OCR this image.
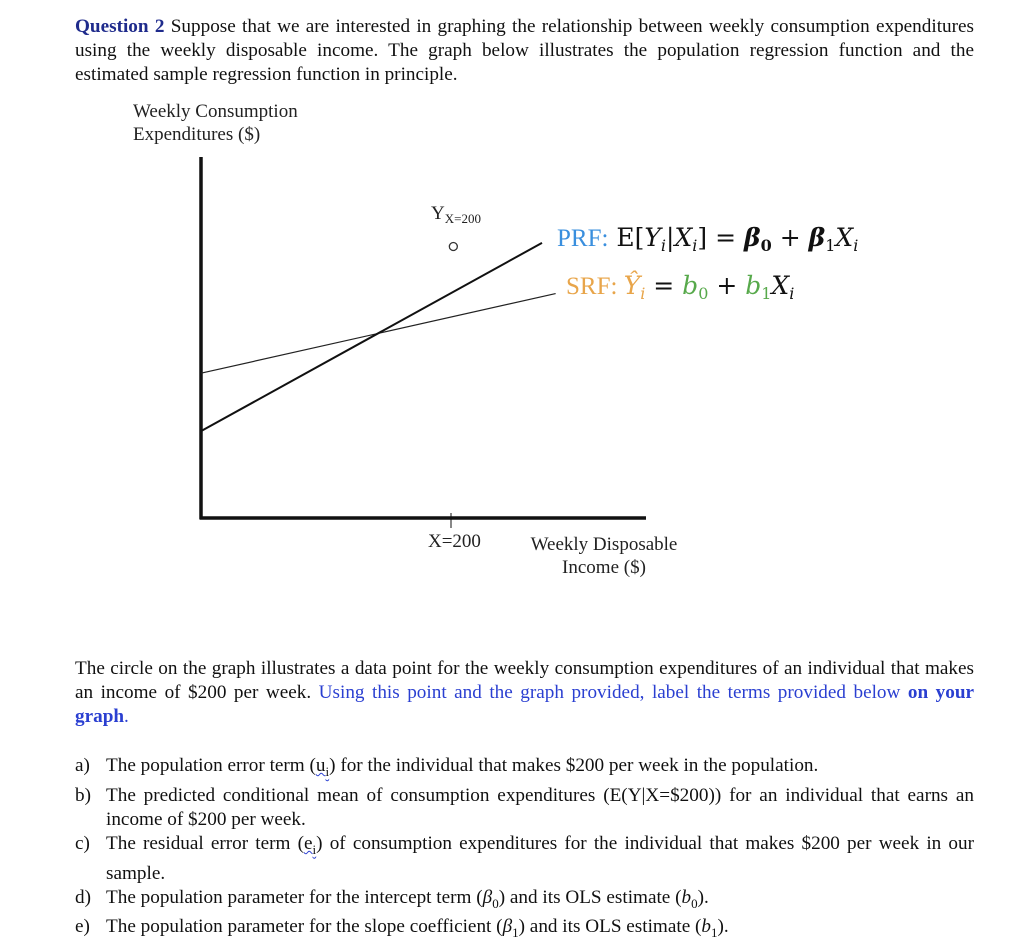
Question 2 Suppose that we are interested in graphing the relationship between weekly consumption expenditures using the weekly disposable income. The graph below illustrates the population regression function and the estimated sample regression function in principle.

Weekly Consumption
Expenditures ($)
$Y_{X=200}$
PRF: $E[Y_i|X_i] = \beta_0 + \beta_1X_i$
SRF: $Ŷ_i = b_0 + b_1X_i$
X=200	Weekly Disposable
Income ($)

The circle on the graph illustrates a data point for the weekly consumption expenditures of an individual that makes an income of $200 per week. Using this point and the graph provided, label the terms provided below on your graph.

a) The population error term $(u_i)$ for the individual that makes $200 per week in the population.
b) The predicted conditional mean of consumption expenditures (E(Y|X=$200)) for an individual that earns an income of $200 per week.
c) The residual error term $(e_i)$ of consumption expenditures for the individual that makes $200 per week in our sample.
d) The population parameter for the intercept term $(\beta_0)$ and its OLS estimate $(b_0)$.
e) The population parameter for the slope coefficient $(\beta_1)$ and its OLS estimate $(b_1)$.
